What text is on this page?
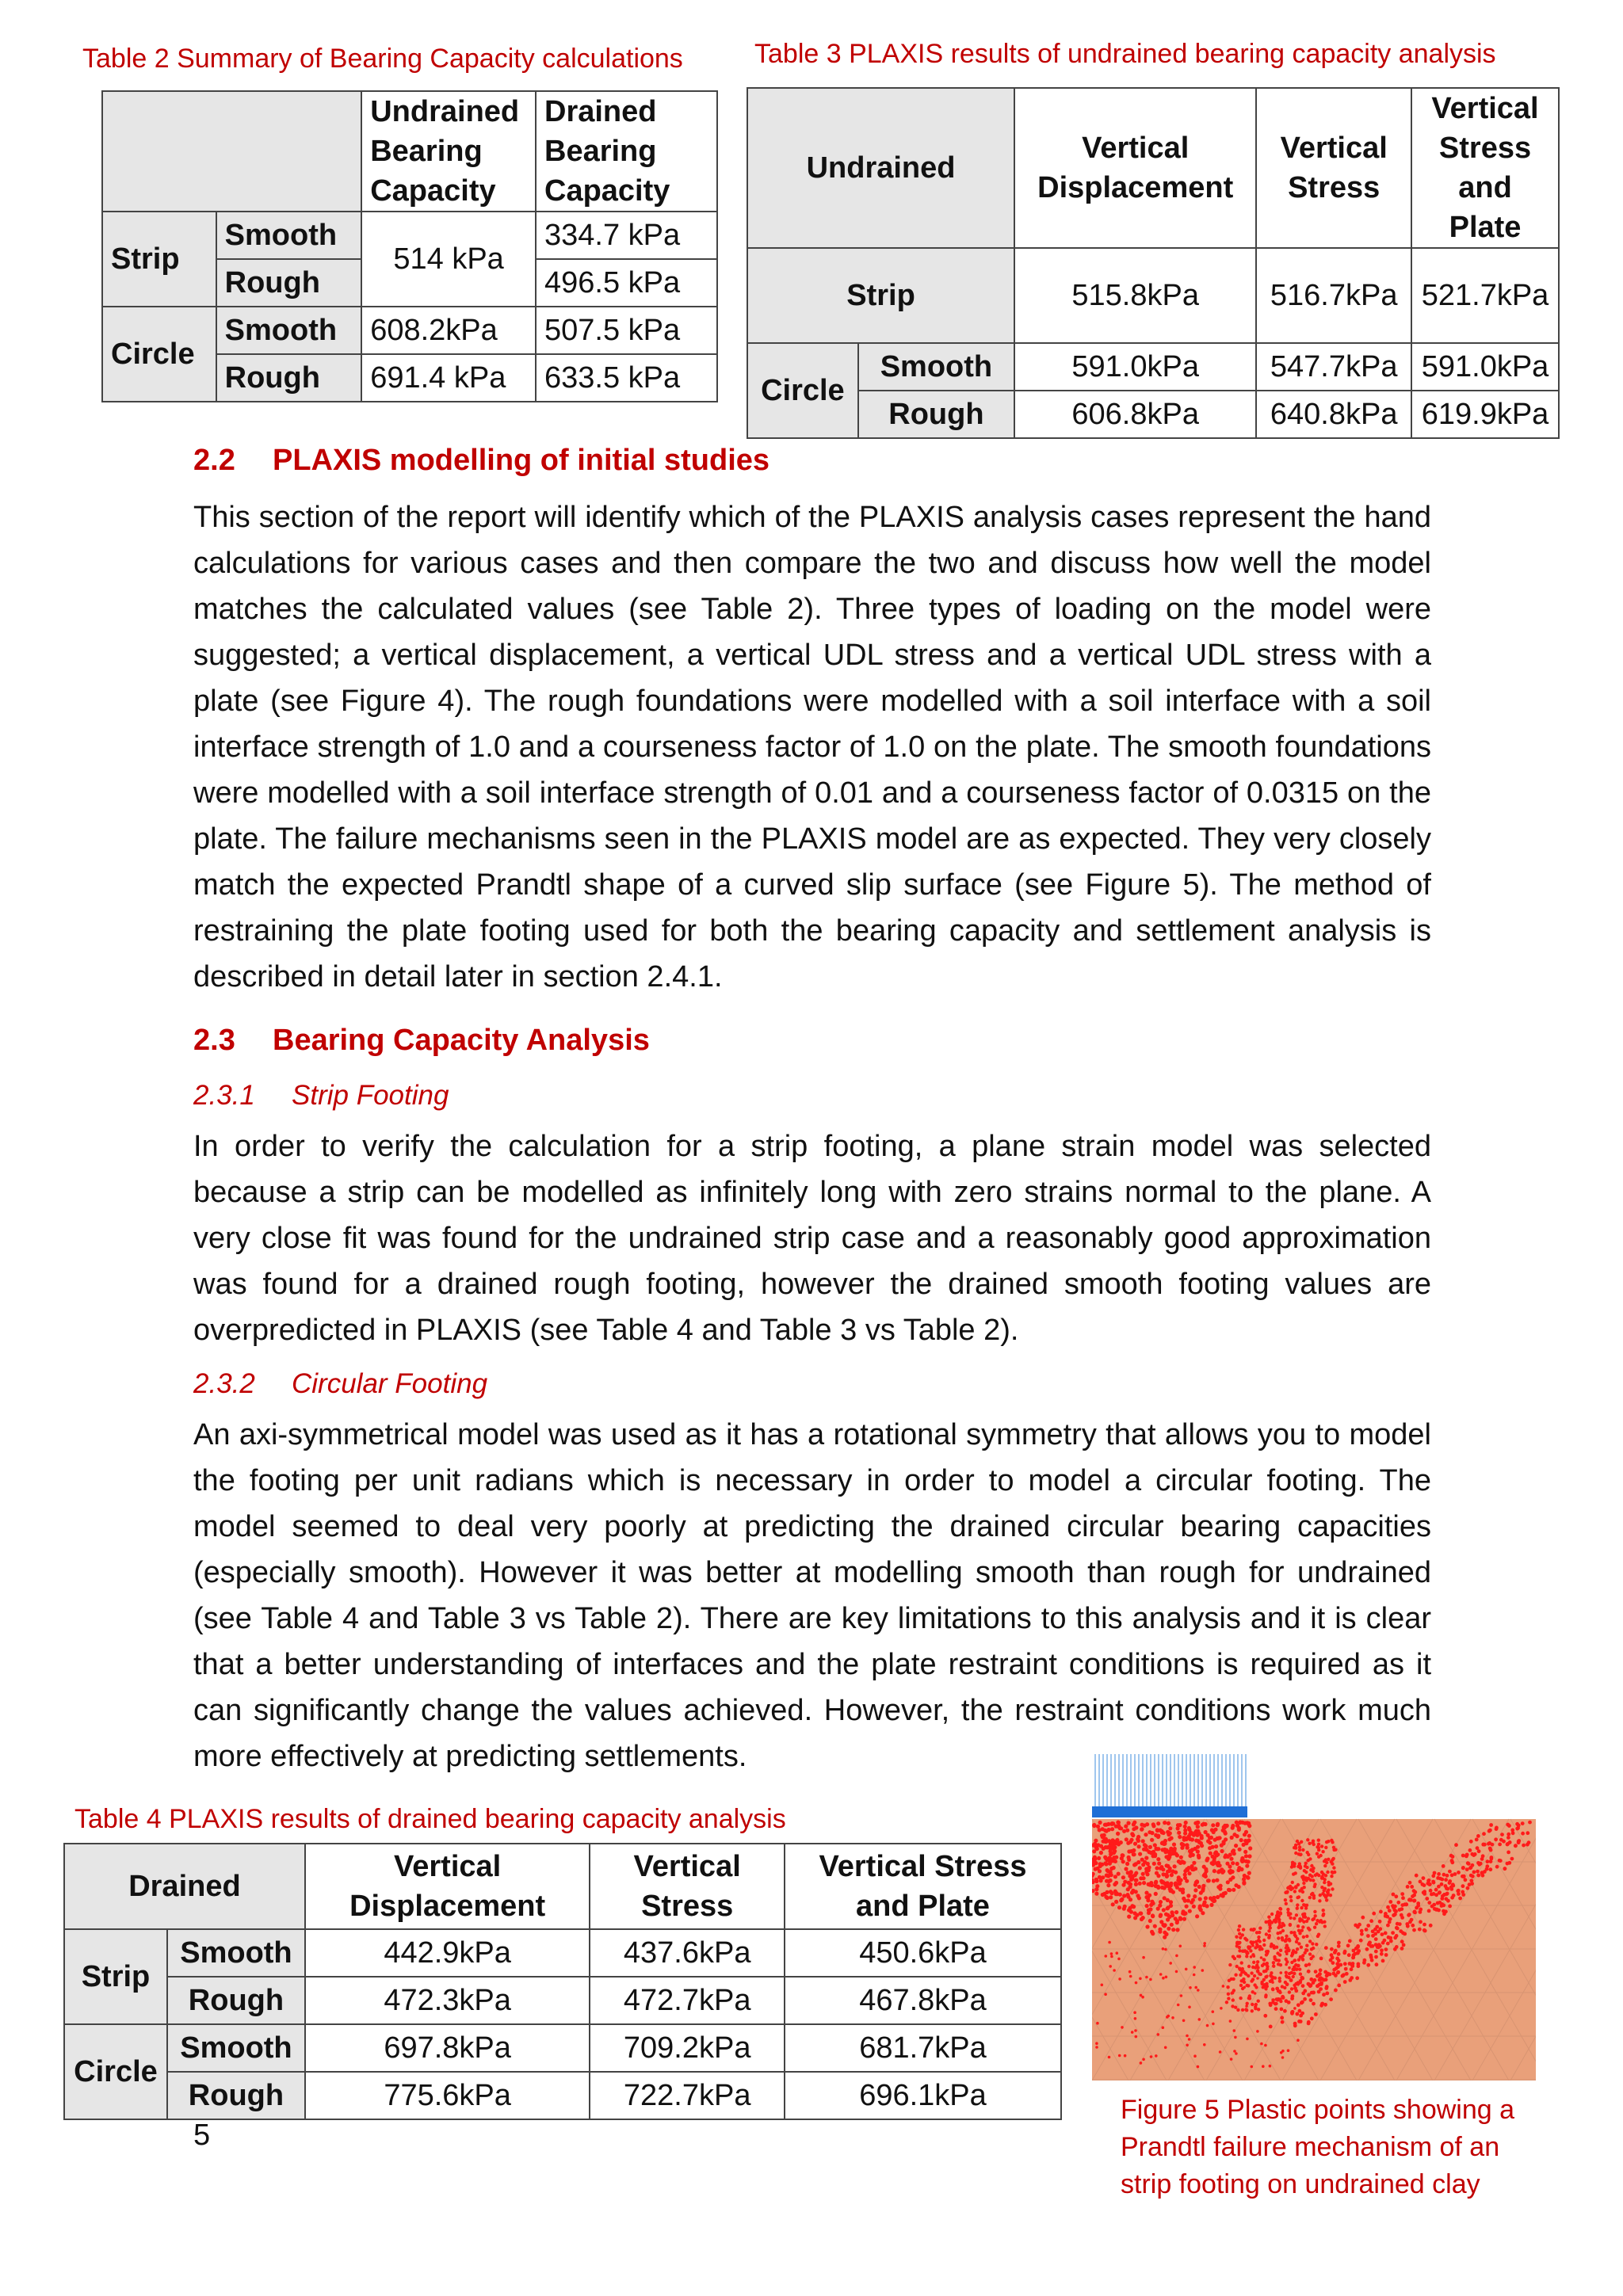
Table 2 Summary of Bearing Capacity calculations
		Undrained Bearing Capacity	Drained Bearing Capacity
Strip	Smooth	514 kPa	334.7 kPa
	Rough		496.5 kPa
Circle	Smooth	608.2kPa	507.5 kPa
	Rough	691.4 kPa	633.5 kPa
Table 3 PLAXIS results of undrained bearing capacity analysis
Undrained		Vertical Displacement	Vertical Stress	Vertical Stress and Plate
Strip		515.8kPa	516.7kPa	521.7kPa
Circle	Smooth	591.0kPa	547.7kPa	591.0kPa
	Rough	606.8kPa	640.8kPa	619.9kPa
2.2 PLAXIS modelling of initial studies
This section of the report will identify which of the PLAXIS analysis cases represent the hand calculations for various cases and then compare the two and discuss how well the model matches the calculated values (see Table 2). Three types of loading on the model were suggested; a vertical displacement, a vertical UDL stress and a vertical UDL stress with a plate (see Figure 4). The rough foundations were modelled with a soil interface with a soil interface strength of 1.0 and a courseness factor of 1.0 on the plate. The smooth foundations were modelled with a soil interface strength of 0.01 and a courseness factor of 0.0315 on the plate. The failure mechanisms seen in the PLAXIS model are as expected. They very closely match the expected Prandtl shape of a curved slip surface (see Figure 5). The method of restraining the plate footing used for both the bearing capacity and settlement analysis is described in detail later in section 2.4.1.
2.3 Bearing Capacity Analysis
2.3.1 Strip Footing
In order to verify the calculation for a strip footing, a plane strain model was selected because a strip can be modelled as infinitely long with zero strains normal to the plane. A very close fit was found for the undrained strip case and a reasonably good approximation was found for a drained rough footing, however the drained smooth footing values are overpredicted in PLAXIS (see Table 4 and Table 3 vs Table 2).
2.3.2 Circular Footing
An axi-symmetrical model was used as it has a rotational symmetry that allows you to model the footing per unit radians which is necessary in order to model a circular footing. The model seemed to deal very poorly at predicting the drained circular bearing capacities (especially smooth). However it was better at modelling smooth than rough for undrained (see Table 4 and Table 3 vs Table 2). There are key limitations to this analysis and it is clear that a better understanding of interfaces and the plate restraint conditions is required as it can significantly change the values achieved. However, the restraint conditions work much more effectively at predicting settlements.
Table 4 PLAXIS results of drained bearing capacity analysis
Drained		Vertical Displacement	Vertical Stress	Vertical Stress and Plate
Strip	Smooth	442.9kPa	437.6kPa	450.6kPa
	Rough	472.3kPa	472.7kPa	467.8kPa
Circle	Smooth	697.8kPa	709.2kPa	681.7kPa
	Rough	775.6kPa	722.7kPa	696.1kPa	Figure 5 Plastic points showing a Prandtl failure mechanism of an strip footing on undrained clay
5
